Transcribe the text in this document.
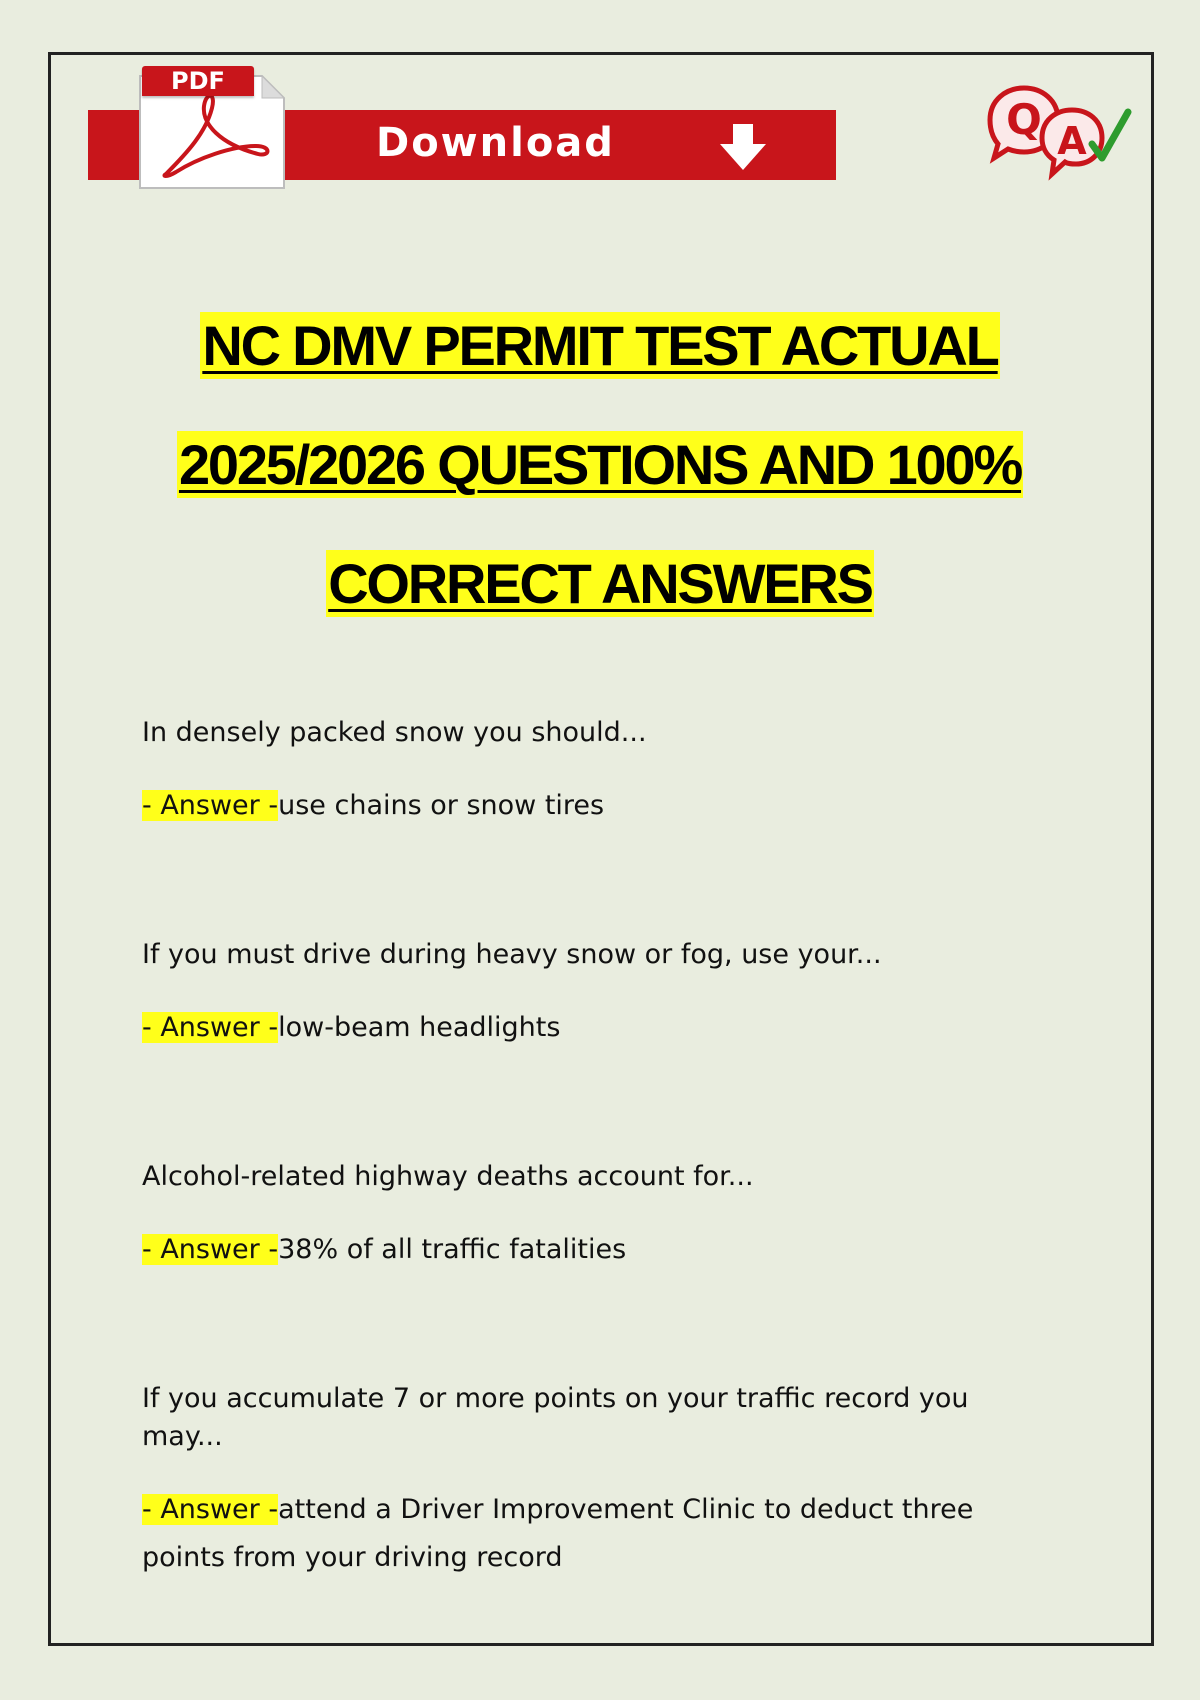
PDF
Download	Q A
NC DMV PERMIT TEST ACTUAL
2025/2026 QUESTIONS AND 100%
CORRECT ANSWERS

In densely packed snow you should...

- Answer -use chains or snow tires

If you must drive during heavy snow or fog, use your...

- Answer -low-beam headlights

Alcohol-related highway deaths account for...

- Answer -38% of all traffic fatalities

If you accumulate 7 or more points on your traffic record you may...

- Answer -attend a Driver Improvement Clinic to deduct three points from your driving record
